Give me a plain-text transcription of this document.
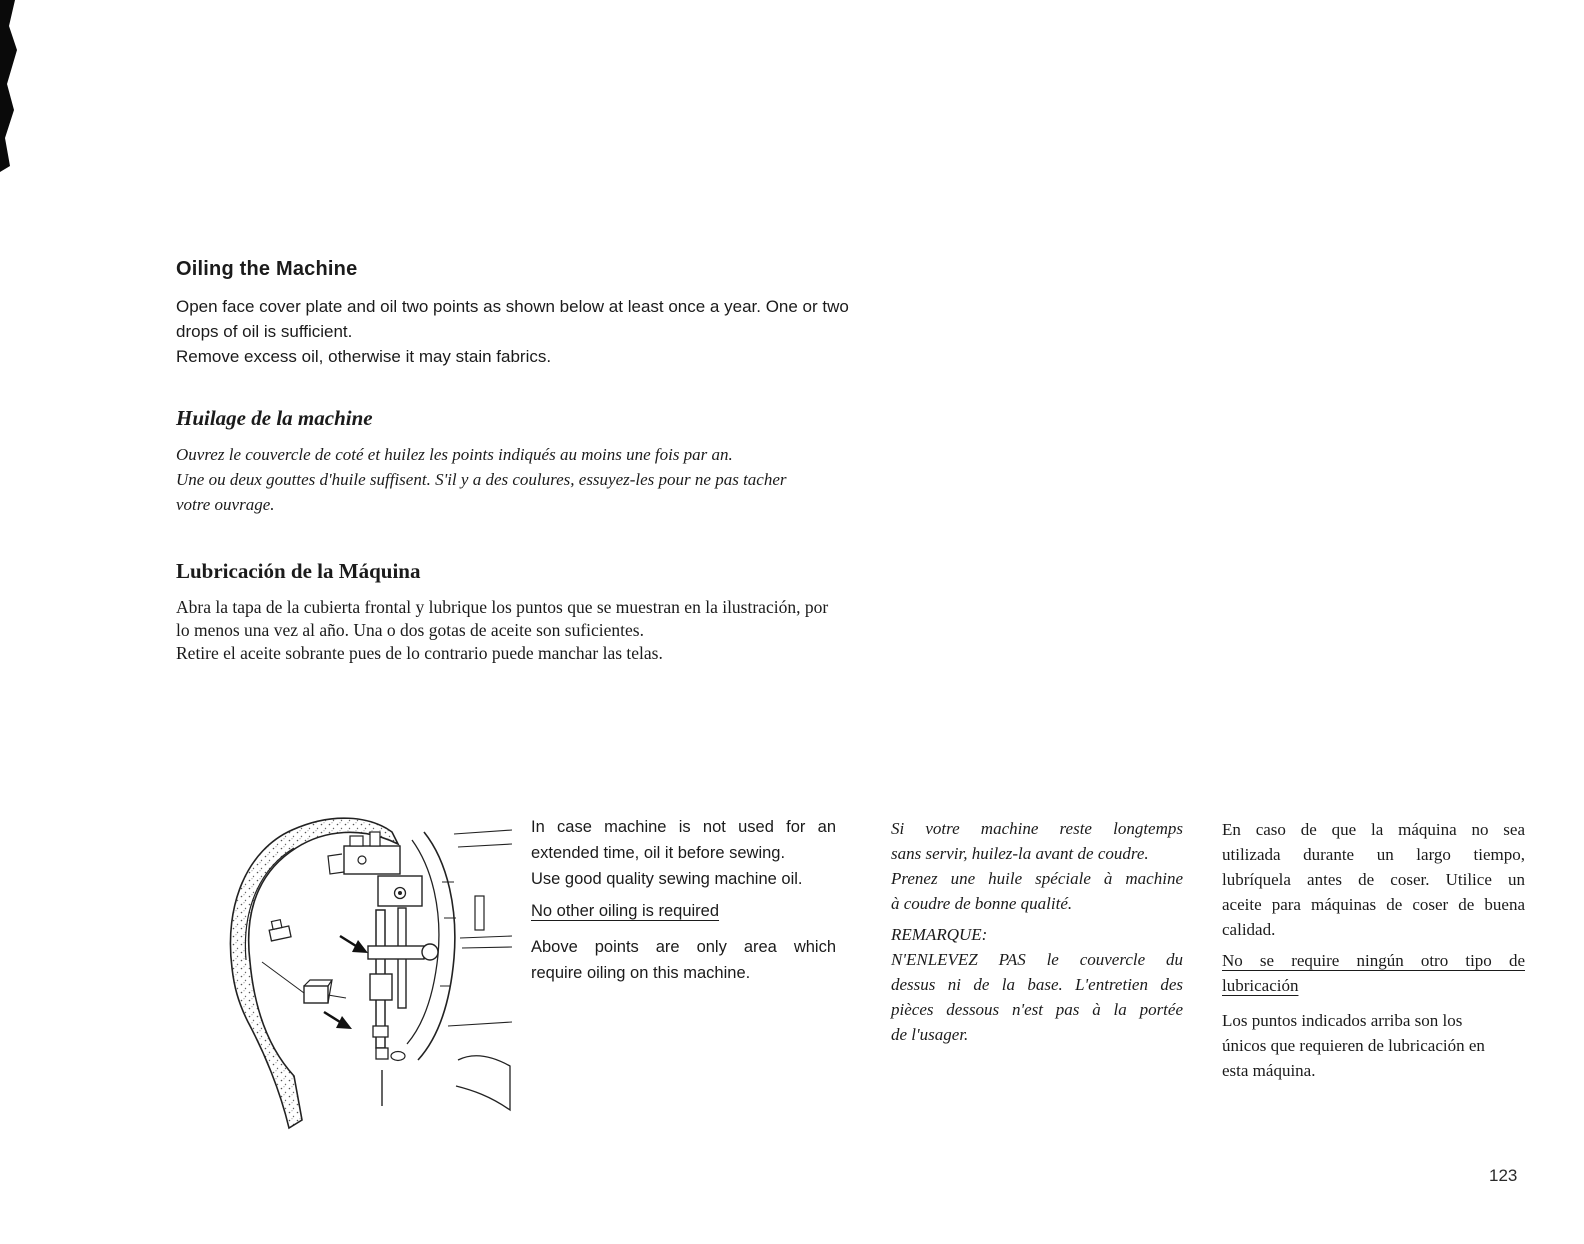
Oiling the Machine
Open face cover plate and oil two points as shown below at least once a year. One or two
drops of oil is sufficient.
Remove excess oil, otherwise it may stain fabrics.
Huilage de la machine
Ouvrez le couvercle de coté et huilez les points indiqués au moins une fois par an.
Une ou deux gouttes d'huile suffisent. S'il y a des coulures, essuyez-les pour ne pas tacher
votre ouvrage.
Lubricación de la Máquina
Abra la tapa de la cubierta frontal y lubrique los puntos que se muestran en la ilustración, por
lo menos una vez al año. Una o dos gotas de aceite son suficientes.
Retire el aceite sobrante pues de lo contrario puede manchar las telas.
In case machine is not used for an
extended time, oil it before sewing.
Use good quality sewing machine oil.
No other oiling is required
Above points are only area which
require oiling on this machine.
Si votre machine reste longtemps
sans servir, huilez-la avant de coudre.
Prenez une huile spéciale à machine
à coudre de bonne qualité.
REMARQUE:
N'ENLEVEZ PAS le couvercle du
dessus ni de la base. L'entretien des
pièces dessous n'est pas à la portée
de l'usager.
En caso de que la máquina no sea
utilizada durante un largo tiempo,
lubríquela antes de coser. Utilice un
aceite para máquinas de coser de buena
calidad.
No se require ningún otro tipo de
lubricación
Los puntos indicados arriba son los
únicos que requieren de lubricación en
esta máquina.
123
